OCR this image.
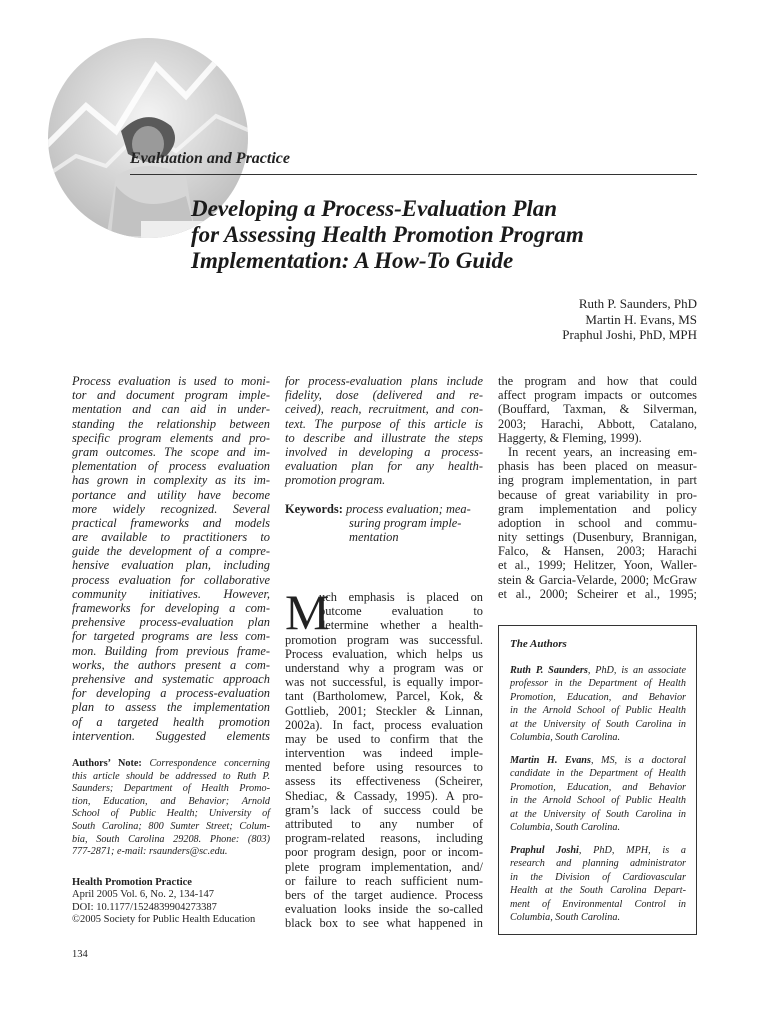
Evaluation and Practice
Developing a Process-Evaluation Plan
for Assessing Health Promotion Program
Implementation: A How-To Guide
Ruth P. Saunders, PhD
Martin H. Evans, MS
Praphul Joshi, PhD, MPH
Process evaluation is used to moni-
tor and document program imple-
mentation and can aid in under-
standing the relationship between
specific program elements and pro-
gram outcomes. The scope and im-
plementation of process evaluation
has grown in complexity as its im-
portance and utility have become
more widely recognized. Several
practical frameworks and models
are available to practitioners to
guide the development of a compre-
hensive evaluation plan, including
process evaluation for collaborative
community initiatives. However,
frameworks for developing a com-
prehensive process-evaluation plan
for targeted programs are less com-
mon. Building from previous frame-
works, the authors present a com-
prehensive and systematic approach
for developing a process-evaluation
plan to assess the implementation
of a targeted health promotion
intervention. Suggested elements
Authors’ Note: Correspondence concerning
this article should be addressed to Ruth P.
Saunders; Department of Health Promo-
tion, Education, and Behavior; Arnold
School of Public Health; University of
South Carolina; 800 Sumter Street; Colum-
bia, South Carolina 29208. Phone: (803)
777-2871; e-mail: rsaunders@sc.edu.
Health Promotion Practice
April 2005 Vol. 6, No. 2, 134-147
DOI: 10.1177/1524839904273387
©2005 Society for Public Health Education
for process-evaluation plans include
fidelity, dose (delivered and re-
ceived), reach, recruitment, and con-
text. The purpose of this article is
to describe and illustrate the steps
involved in developing a process-
evaluation plan for any health-
promotion program.
Keywords: process evaluation; mea-
suring program imple-
mentation
M
uch emphasis is placed on
outcome evaluation to
determine whether a health-
promotion program was successful.
Process evaluation, which helps us
understand why a program was or
was not successful, is equally impor-
tant (Bartholomew, Parcel, Kok, &
Gottlieb, 2001; Steckler & Linnan,
2002a). In fact, process evaluation
may be used to confirm that the
intervention was indeed imple-
mented before using resources to
assess its effectiveness (Scheirer,
Shediac, & Cassady, 1995). A pro-
gram’s lack of success could be
attributed to any number of
program-related reasons, including
poor program design, poor or incom-
plete program implementation, and/
or failure to reach sufficient num-
bers of the target audience. Process
evaluation looks inside the so-called
black box to see what happened in
the program and how that could
affect program impacts or outcomes
(Bouffard, Taxman, & Silverman,
2003; Harachi, Abbott, Catalano,
Haggerty, & Fleming, 1999).
In recent years, an increasing em-
phasis has been placed on measur-
ing program implementation, in part
because of great variability in pro-
gram implementation and policy
adoption in school and commu-
nity settings (Dusenbury, Brannigan,
Falco, & Hansen, 2003; Harachi
et al., 1999; Helitzer, Yoon, Waller-
stein & Garcia-Velarde, 2000; McGraw
et al., 2000; Scheirer et al., 1995;
The Authors
Ruth P. Saunders, PhD, is an associate
professor in the Department of Health
Promotion, Education, and Behavior
in the Arnold School of Public Health
at the University of South Carolina in
Columbia, South Carolina.
Martin H. Evans, MS, is a doctoral
candidate in the Department of Health
Promotion, Education, and Behavior
in the Arnold School of Public Health
at the University of South Carolina in
Columbia, South Carolina.
Praphul Joshi, PhD, MPH, is a
research and planning administrator
in the Division of Cardiovascular
Health at the South Carolina Depart-
ment of Environmental Control in
Columbia, South Carolina.
134
